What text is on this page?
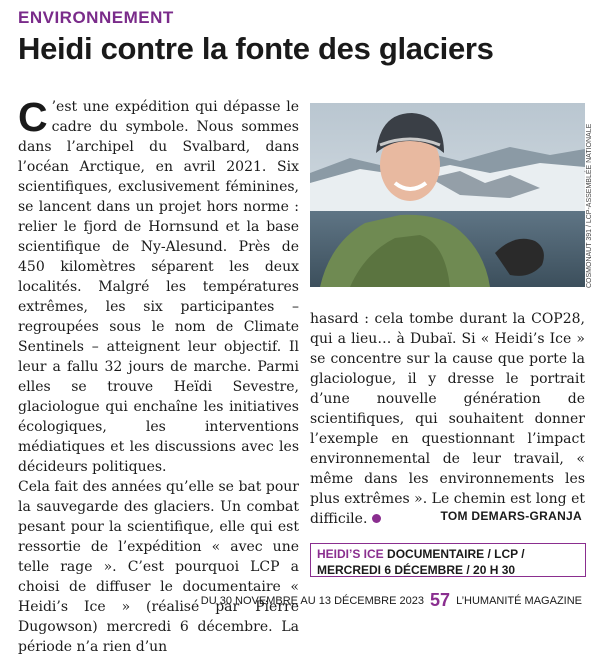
ENVIRONNEMENT
Heidi contre la fonte des glaciers

C ’est une expédition qui dépasse le cadre du symbole. Nous sommes dans l’archipel du Svalbard, dans l’océan Arctique, en avril 2021. Six scientifiques, exclusivement féminines, se lancent dans un projet hors norme : relier le fjord de Hornsund et la base scientifique de Ny-Alesund. Près de 450 kilomètres séparent les deux localités. Malgré les températures extrêmes, les six participantes – regroupées sous le nom de Climate Sentinels – atteignent leur objectif. Il leur a fallu 32 jours de marche. Parmi elles se trouve Heïdi Sevestre, glaciologue qui enchaîne les initiatives écologiques, les interventions médiatiques et les discussions avec les décideurs politiques.

Cela fait des années qu’elle se bat pour la sauvegarde des glaciers. Un combat pesant pour la scientifique, elle qui est ressortie de l’expédition « avec une telle rage ». C’est pourquoi LCP a choisi de diffuser le documentaire « Heidi’s Ice » (réalisé par Pierre Dugowson) mercredi 6 décembre. La période n’a rien d’un

COSMONAUT 391 / LCP-ASSEMBLÉE NATIONALE

hasard : cela tombe durant la COP28, qui a lieu… à Dubaï. Si « Heidi’s Ice » se concentre sur la cause que porte la glaciologue, il y dresse le portrait d’une nouvelle génération de scientifiques, qui souhaitent donner l’exemple en questionnant l’impact environnemental de leur travail, « même dans les environnements les plus extrêmes ». Le chemin est long et difficile.	TOM DEMARS-GRANJA
HEIDI’S ICE DOCUMENTAIRE / LCP /
MERCREDI 6 DÉCEMBRE / 20 H 30
DU 30 NOVEMBRE AU 13 DÉCEMBRE 2023 57 L’HUMANITÉ MAGAZINE
